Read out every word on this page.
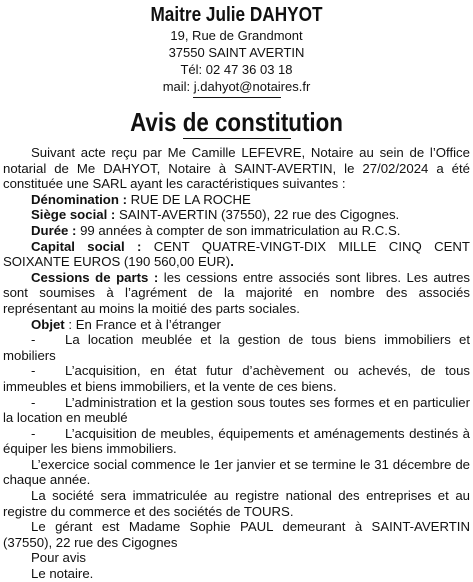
Maitre Julie DAHYOT
19, Rue de Grandmont
37550 SAINT AVERTIN
Tél: 02 47 36 03 18
mail: j.dahyot@notaires.fr
Avis de constitution

Suivant acte reçu par Me Camille LEFEVRE, Notaire au sein de l’Office notarial de Me DAHYOT, Notaire à SAINT-AVERTIN, le 27/02/2024 a été constituée une SARL ayant les caractéristiques suivantes :

Dénomination : RUE DE LA ROCHE

Siège social : SAINT-AVERTIN (37550), 22 rue des Cigognes.

Durée : 99 années à compter de son immatriculation au R.C.S.

Capital social : CENT QUATRE-VINGT-DIX MILLE CINQ CENT SOIXANTE EUROS (190 560,00 EUR).

Cessions de parts : les cessions entre associés sont libres. Les autres sont soumises à l’agrément de la majorité en nombre des associés représentant au moins la moitié des parts sociales.

Objet : En France et à l’étranger

- La location meublée et la gestion de tous biens immobiliers et mobiliers

- L’acquisition, en état futur d’achèvement ou achevés, de tous immeubles et biens immobiliers, et la vente de ces biens.

- L’administration et la gestion sous toutes ses formes et en particulier la location en meublé

- L’acquisition de meubles, équipements et aménagements destinés à équiper les biens immobiliers.

L’exercice social commence le 1er janvier et se termine le 31 décembre de chaque année.

La société sera immatriculée au registre national des entreprises et au registre du commerce et des sociétés de TOURS.

Le gérant est Madame Sophie PAUL demeurant à SAINT-AVERTIN (37550), 22 rue des Cigognes

Pour avis

Le notaire.
